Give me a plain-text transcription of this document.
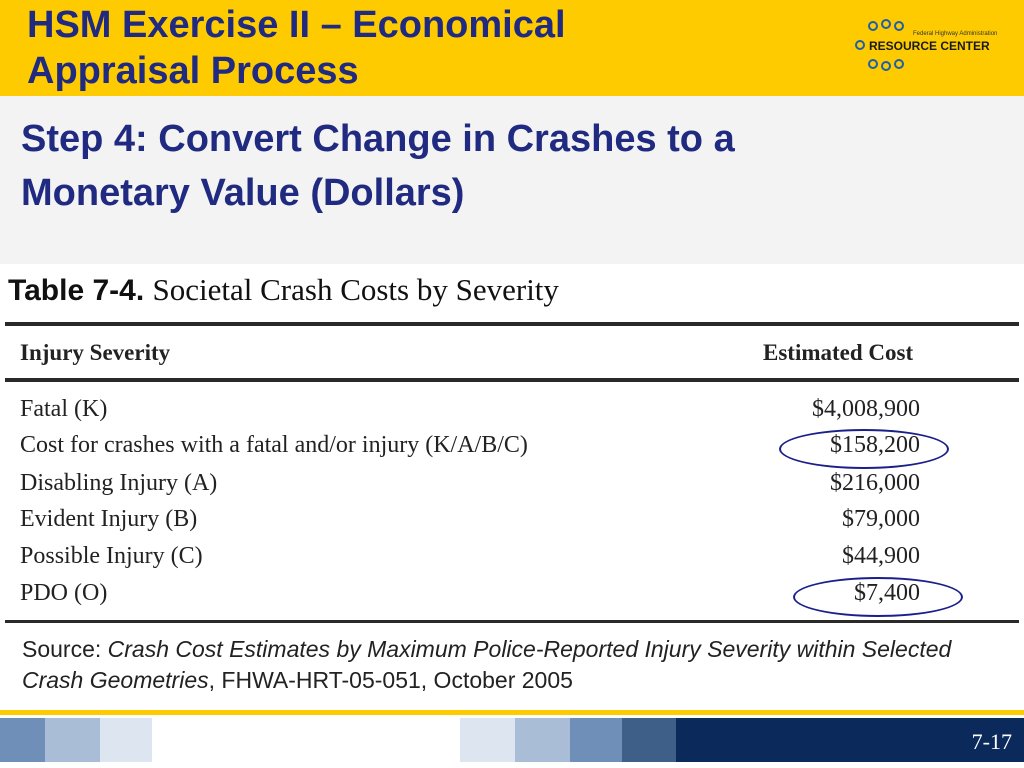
HSM Exercise II – Economical
Appraisal Process
Federal Highway Administration
RESOURCE CENTER
Step 4: Convert Change in Crashes to a
Monetary Value (Dollars)
Table 7-4. Societal Crash Costs by Severity
Injury Severity	Estimated Cost
Fatal (K)	$4,008,900
Cost for crashes with a fatal and/or injury (K/A/B/C)	$158,200
Disabling Injury (A)	$216,000
Evident Injury (B)	$79,000
Possible Injury (C)	$44,900
PDO (O)	$7,400
Source: Crash Cost Estimates by Maximum Police-Reported Injury Severity within Selected Crash Geometries, FHWA-HRT-05-051, October 2005
7-17
